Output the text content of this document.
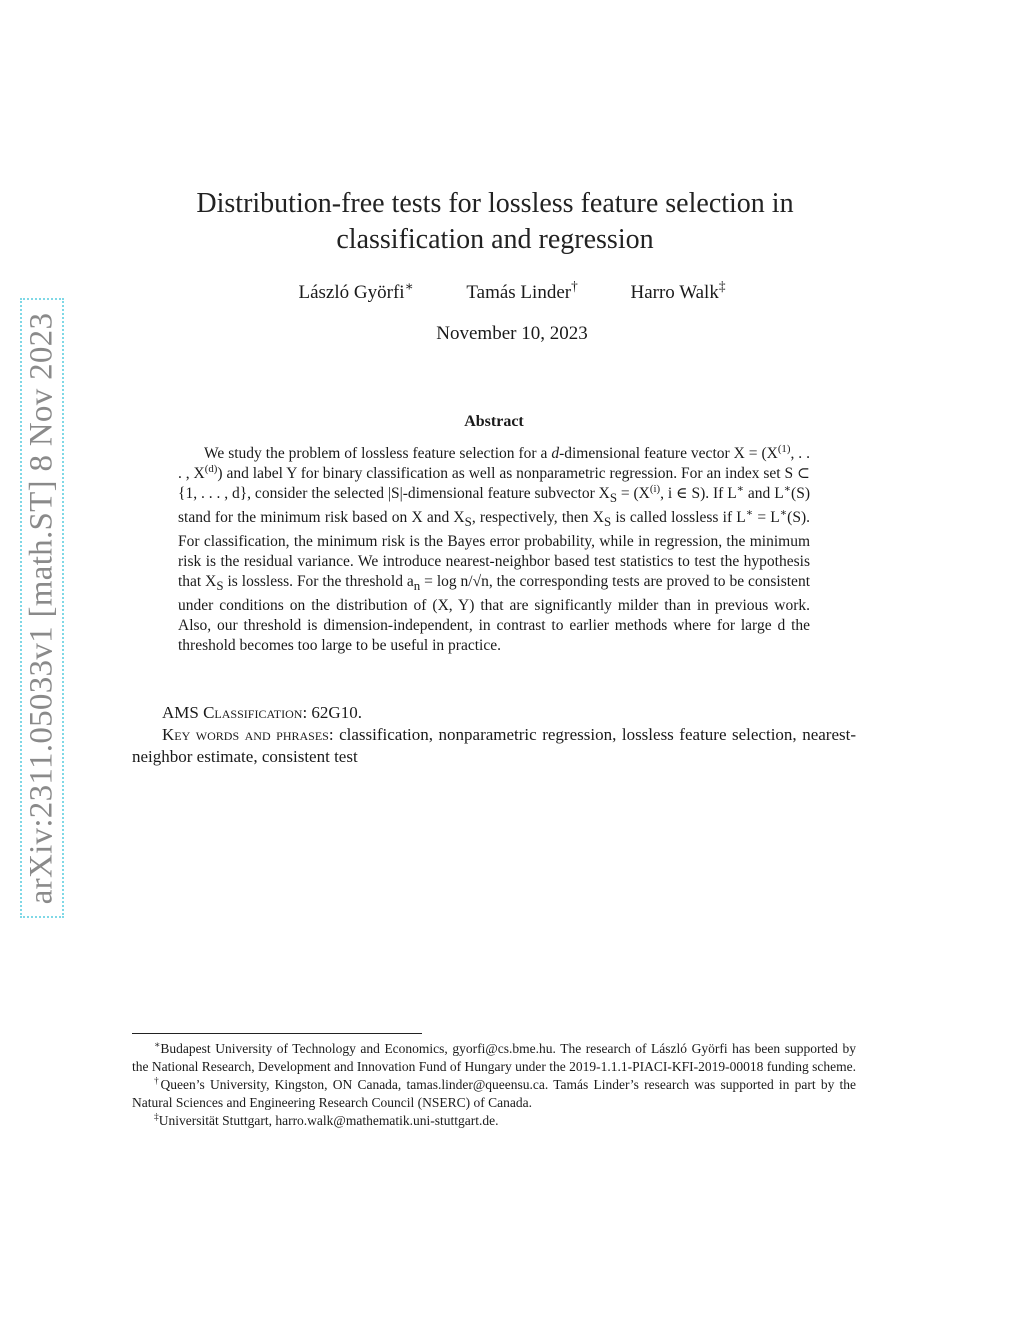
arXiv:2311.05033v1 [math.ST] 8 Nov 2023
Distribution-free tests for lossless feature selection in
classification and regression
László Györfi∗	Tamás Linder†	Harro Walk‡
November 10, 2023
Abstract
We study the problem of lossless feature selection for a d-dimensional feature vector $X = (X^{(1)}$, . . . , $X^{(d)}$) and label Y for binary classification as well as nonparametric regression. For an index set S ⊂ {1, . . . , d}, consider the selected |S|-dimensional feature subvector $X_S = (X^{(i)}$, i ∈ S). If L∗ and L∗(S) stand for the minimum risk based on X and $X_S$, respectively, then $X_S$ is called lossless if L∗ = L∗(S). For classification, the minimum risk is the Bayes error probability, while in regression, the minimum risk is the residual variance. We introduce nearest-neighbor based test statistics to test the hypothesis that $X_S$ is lossless. For the threshold $a_n = \log n/√n$, the corresponding tests are proved to be consistent under conditions on the distribution of (X, Y) that are significantly milder than in previous work. Also, our threshold is dimension-independent, in contrast to earlier methods where for large d the threshold becomes too large to be useful in practice.
AMS Classification: 62G10.
Key words and phrases: classification, nonparametric regression, lossless feature selection, nearest-neighbor estimate, consistent test

∗Budapest University of Technology and Economics, gyorfi@cs.bme.hu. The research of László Györfi has been supported by the National Research, Development and Innovation Fund of Hungary under the 2019-1.1.1-PIACI-KFI-2019-00018 funding scheme.

†Queen’s University, Kingston, ON Canada, tamas.linder@queensu.ca. Tamás Linder’s research was supported in part by the Natural Sciences and Engineering Research Council (NSERC) of Canada.

‡Universität Stuttgart, harro.walk@mathematik.uni-stuttgart.de.
